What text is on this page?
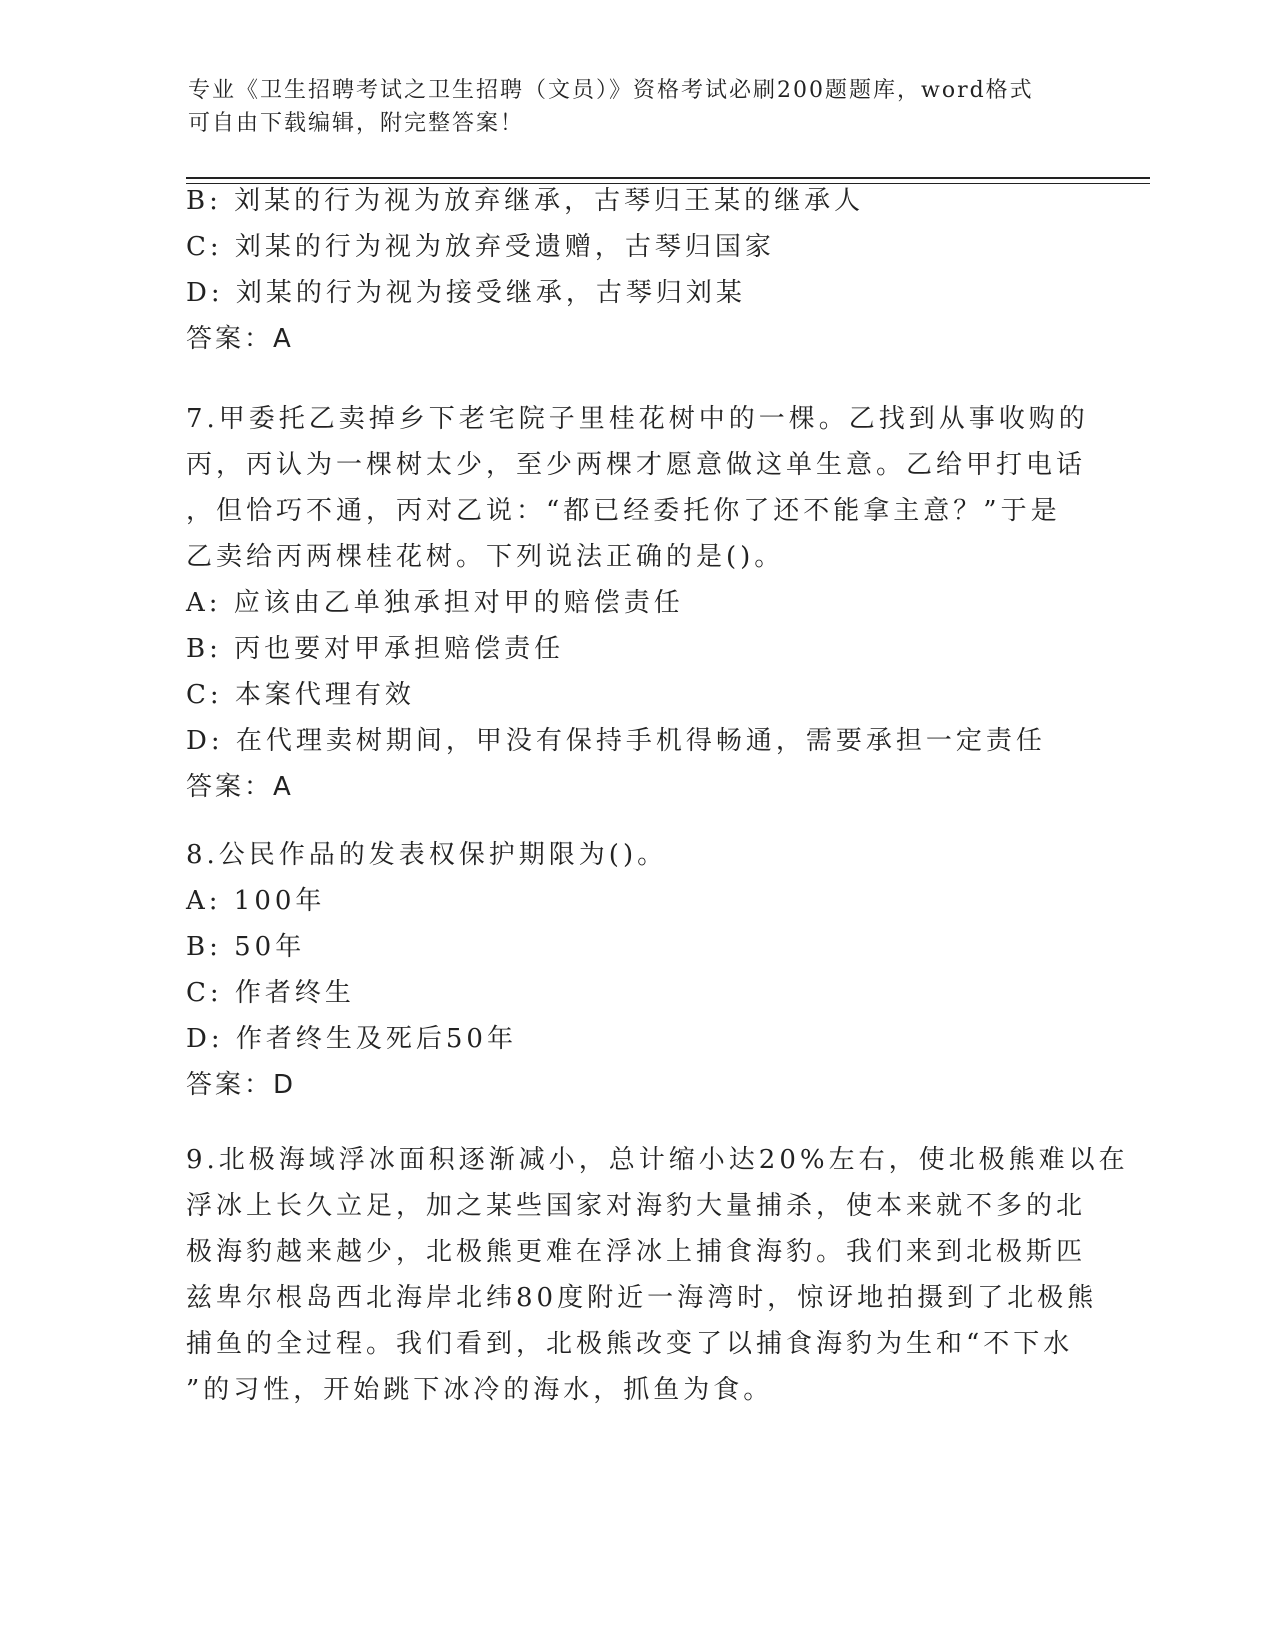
专业《卫生招聘考试之卫生招聘（文员）》资格考试必刷200题题库，word格式
可自由下载编辑，附完整答案！
B: 刘某的行为视为放弃继承，古琴归王某的继承人
C: 刘某的行为视为放弃受遗赠，古琴归国家
D: 刘某的行为视为接受继承，古琴归刘某
答案：A
7.甲委托乙卖掉乡下老宅院子里桂花树中的一棵。乙找到从事收购的
丙，丙认为一棵树太少，至少两棵才愿意做这单生意。乙给甲打电话
，但恰巧不通，丙对乙说：“都已经委托你了还不能拿主意？”于是
乙卖给丙两棵桂花树。下列说法正确的是()。
A: 应该由乙单独承担对甲的赔偿责任
B: 丙也要对甲承担赔偿责任
C: 本案代理有效
D: 在代理卖树期间，甲没有保持手机得畅通，需要承担一定责任
答案：A
8.公民作品的发表权保护期限为()。
A: 100年
B: 50年
C: 作者终生
D: 作者终生及死后50年
答案：D
9.北极海域浮冰面积逐渐减小，总计缩小达20%左右，使北极熊难以在
浮冰上长久立足，加之某些国家对海豹大量捕杀，使本来就不多的北
极海豹越来越少，北极熊更难在浮冰上捕食海豹。我们来到北极斯匹
兹卑尔根岛西北海岸北纬80度附近一海湾时，惊讶地拍摄到了北极熊
捕鱼的全过程。我们看到，北极熊改变了以捕食海豹为生和“不下水
”的习性，开始跳下冰冷的海水，抓鱼为食。
